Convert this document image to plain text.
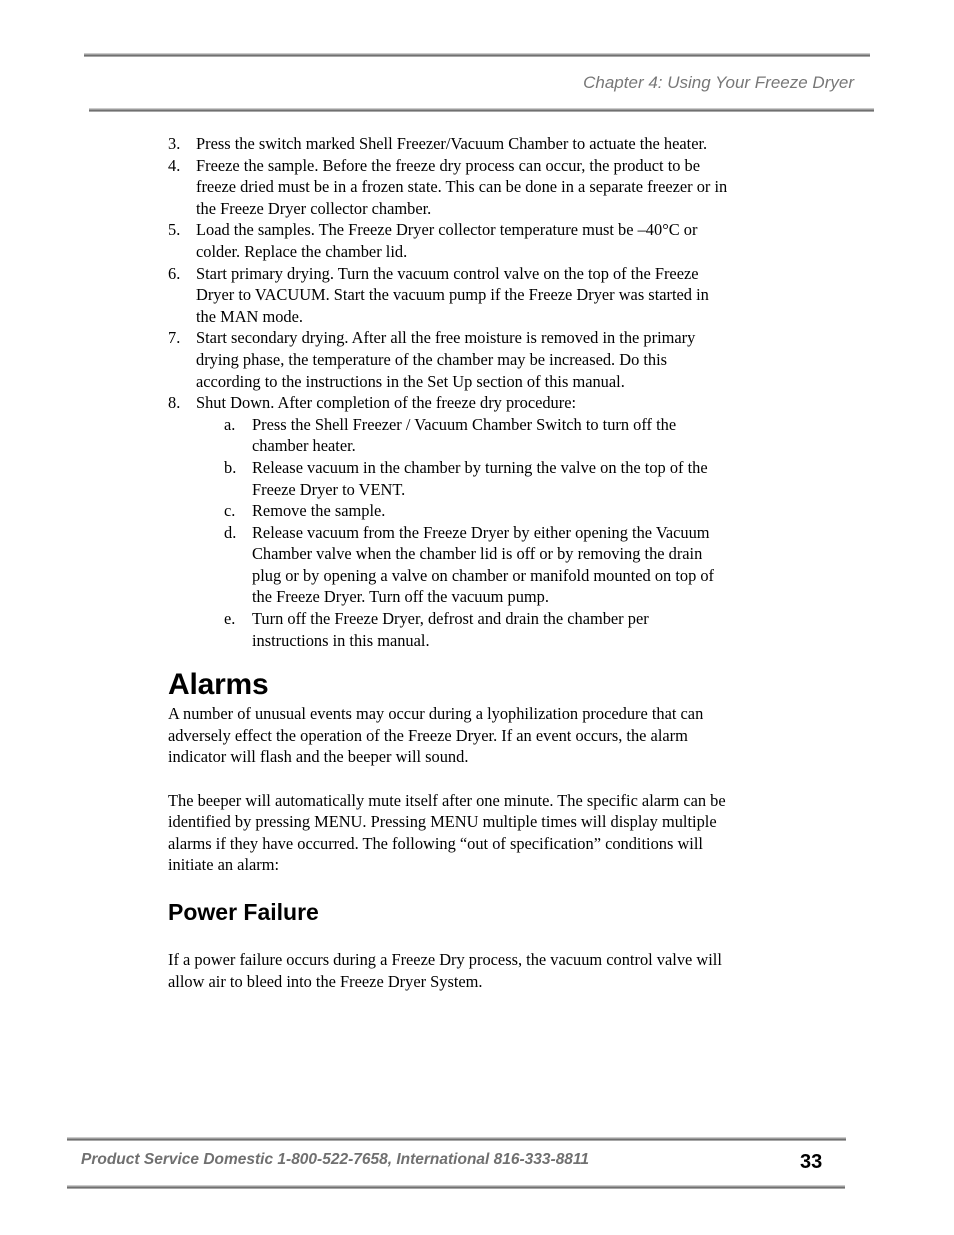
Chapter 4: Using Your Freeze Dryer
3. Press the switch marked Shell Freezer/Vacuum Chamber to actuate the heater.
4. Freeze the sample. Before the freeze dry process can occur, the product to be freeze dried must be in a frozen state. This can be done in a separate freezer or in the Freeze Dryer collector chamber.
5. Load the samples. The Freeze Dryer collector temperature must be –40°C or colder. Replace the chamber lid.
6. Start primary drying. Turn the vacuum control valve on the top of the Freeze Dryer to VACUUM. Start the vacuum pump if the Freeze Dryer was started in the MAN mode.
7. Start secondary drying. After all the free moisture is removed in the primary drying phase, the temperature of the chamber may be increased. Do this according to the instructions in the Set Up section of this manual.
8. Shut Down. After completion of the freeze dry procedure:
a. Press the Shell Freezer / Vacuum Chamber Switch to turn off the chamber heater.
b. Release vacuum in the chamber by turning the valve on the top of the Freeze Dryer to VENT.
c. Remove the sample.
d. Release vacuum from the Freeze Dryer by either opening the Vacuum Chamber valve when the chamber lid is off or by removing the drain plug or by opening a valve on chamber or manifold mounted on top of the Freeze Dryer. Turn off the vacuum pump.
e. Turn off the Freeze Dryer, defrost and drain the chamber per instructions in this manual.
Alarms

A number of unusual events may occur during a lyophilization procedure that can adversely effect the operation of the Freeze Dryer. If an event occurs, the alarm indicator will flash and the beeper will sound.

The beeper will automatically mute itself after one minute. The specific alarm can be identified by pressing MENU. Pressing MENU multiple times will display multiple alarms if they have occurred. The following “out of specification” conditions will initiate an alarm:

Power Failure

If a power failure occurs during a Freeze Dry process, the vacuum control valve will allow air to bleed into the Freeze Dryer System.

Product Service Domestic 1-800-522-7658, International 816-333-8811	33
